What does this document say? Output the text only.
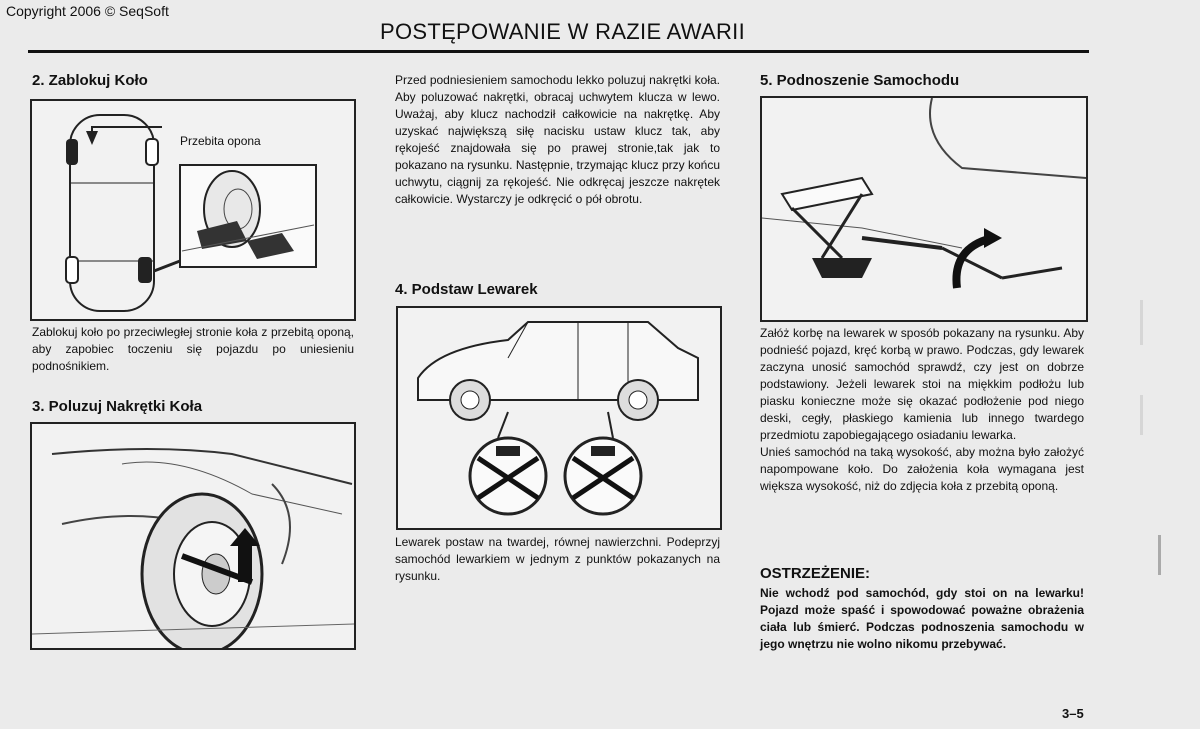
Copyright 2006 © SeqSoft
POSTĘPOWANIE W RAZIE AWARII

2. Zablokuj Koło

Przebita opona

Zablokuj koło po przeciwległej stronie koła z przebitą oponą, aby zapobiec toczeniu się pojazdu po uniesieniu podnośnikiem.

3. Poluzuj Nakrętki Koła

Przed podniesieniem samochodu lekko poluzuj nakrętki koła. Aby poluzować nakrętki, obracaj uchwytem klucza w lewo. Uważaj, aby klucz nachodził całkowicie na nakrętkę. Aby uzyskać największą siłę nacisku ustaw klucz tak, aby rękojeść znajdowała się po prawej stronie,tak jak to pokazano na rysunku. Następnie, trzymając klucz przy końcu uchwytu, ciągnij za rękojeść. Nie odkręcaj jeszcze nakrętek całkowicie. Wystarczy je odkręcić o pół obrotu.

4. Podstaw Lewarek

Lewarek postaw na twardej, równej nawierzchni. Podeprzyj samochód lewarkiem w jednym z punktów pokazanych na rysunku.

5. Podnoszenie Samochodu

Załóż korbę na lewarek w sposób pokazany na rysunku. Aby podnieść pojazd, kręć korbą w prawo. Podczas, gdy lewarek zaczyna unosić samochód sprawdź, czy jest on dobrze podstawiony. Jeżeli lewarek stoi na miękkim podłożu lub piasku konieczne może się okazać podłożenie pod niego deski, cegły, płaskiego kamienia lub innego twardego przedmiotu zapobiegającego osiadaniu lewarka.

Unieś samochód na taką wysokość, aby można było założyć napompowane koło. Do założenia koła wymagana jest większa wysokość, niż do zdjęcia koła z przebitą oponą.

OSTRZEŻENIE:

Nie wchodź pod samochód, gdy stoi on na lewarku! Pojazd może spaść i spowodować poważne obrażenia ciała lub śmierć. Podczas podnoszenia samochodu w jego wnętrzu nie wolno nikomu przebywać.

3–5
